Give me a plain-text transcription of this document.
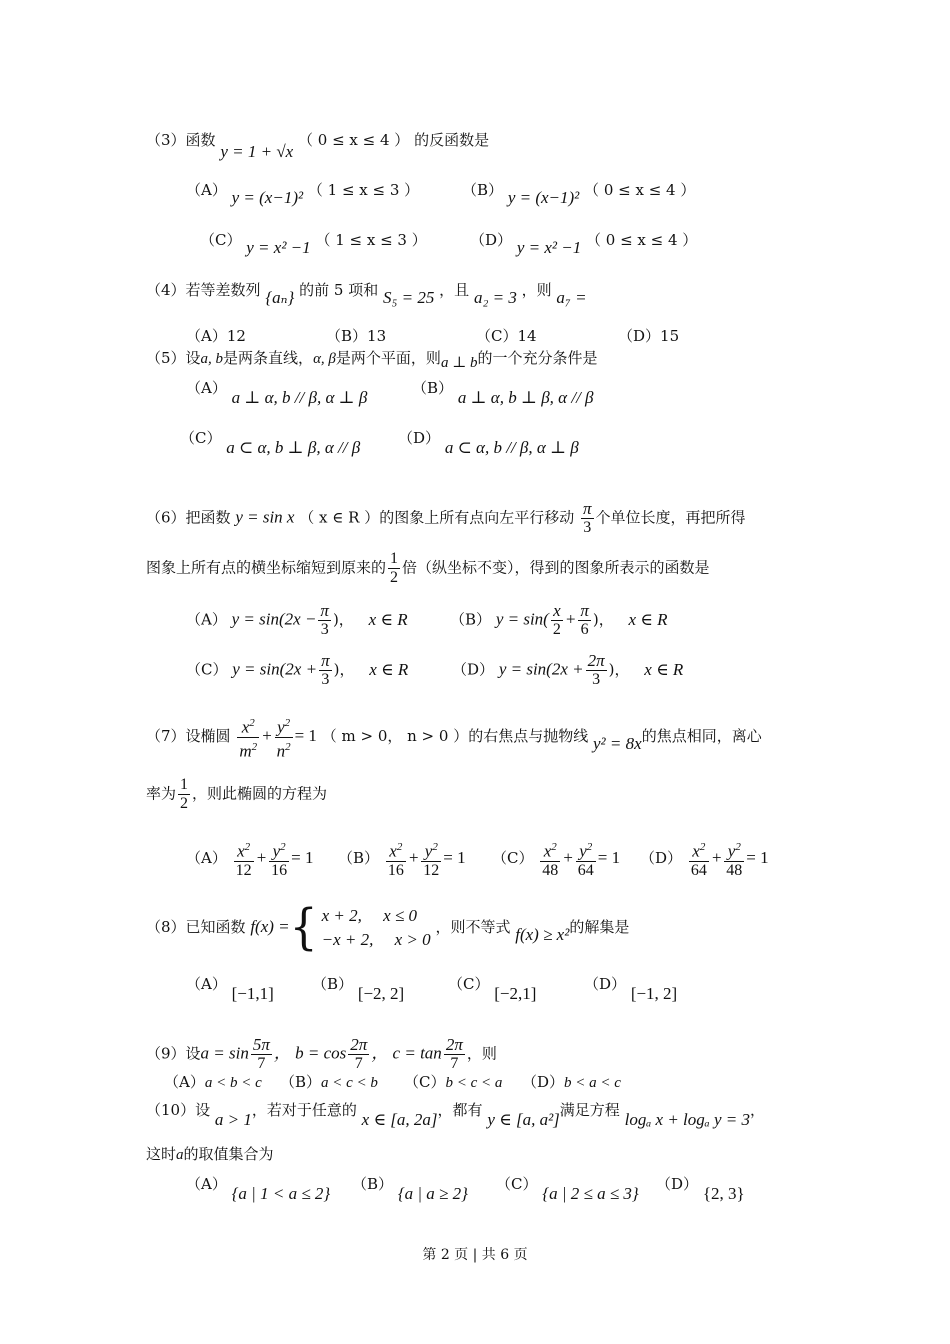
（3）函数 y = 1 + √x （ 0 ≤ x ≤ 4 ） 的反函数是
（A） y = (x−1)² （ 1 ≤ x ≤ 3 ）	（B） y = (x−1)² （ 0 ≤ x ≤ 4 ）
（C） y = x² −1 （ 1 ≤ x ≤ 3 ）	（D） y = x² −1 （ 0 ≤ x ≤ 4 ）
（4）若等差数列 {aₙ} 的前 5 项和 S₅ = 25 ，且 a₂ = 3 ，则 a₇ =
（A）12	（B）13	（C）14	（D）15
（5）设a, b是两条直线，α, β是两个平面，则a ⊥ b的一个充分条件是
（A） a ⊥ α, b // β, α ⊥ β	（B） a ⊥ α, b ⊥ β, α // β
（C） a ⊂ α, b ⊥ β, α // β	（D） a ⊂ α, b // β, α ⊥ β
（6）把函数 y = sin x （ x ∈ R ）的图象上所有点向左平行移动 $\frac{\pi}{3}$ 个单位长度，再把所得
图象上所有点的横坐标缩短到原来的 $\frac{1}{2}$ 倍（纵坐标不变），得到的图象所表示的函数是
（A） $y = \sin(2x - \frac{\pi}{3}$ )， x ∈ R	（B） $y = \sin( \frac{x}{2} + \frac{\pi}{6}$ )， x ∈ R
（C） $y = \sin(2x + \frac{\pi}{3}$ )， x ∈ R	（D） $y = \sin(2x + \frac{2\pi}{3}$ )， x ∈ R
（7）设椭圆 $\frac{x^2}{m^2} + \frac{y^2}{n^2} = 1$ （ m > 0， n > 0 ）的右焦点与抛物线 y² = 8x的焦点相同，离心
率为 $\frac{1}{2}$ ，则此椭圆的方程为
$(A) \frac{x^2}{12} + \frac{y^2}{16} = 1$ $(B) \frac{x^2}{16} + \frac{y^2}{12} = 1$ $(C) \frac{x^2}{48} + \frac{y^2}{64} = 1$ $(D) \frac{x^2}{64} + \frac{y^2}{48} = 1$
（8）已知函数 f(x) ={ x + 2,     x ≤ 0
−x + 2,     x > 0
，则不等式 f(x) ≥ x²的解集是
（A） [−1,1]	（B） [−2, 2]	（C） [−2,1]	（D） [−1, 2]
（9）设$a = \sin \frac{5\pi}{7}$ ， $b = \cos \frac{2\pi}{7}$ ， $c = \tan \frac{2\pi}{7}$ ，则
（A）a < b < c （B）a < c < b （C）b < c < a （D）b < a < c
（10）设 a > 1，若对于任意的 x ∈ [a, 2a]，都有 y ∈ [a, a²]满足方程 logₐ x + logₐ y = 3，
这时a的取值集合为
（A） {a | 1 < a ≤ 2} （B） {a | a ≥ 2} （C） {a | 2 ≤ a ≤ 3} （D） {2, 3}
第 2 页 | 共 6 页
